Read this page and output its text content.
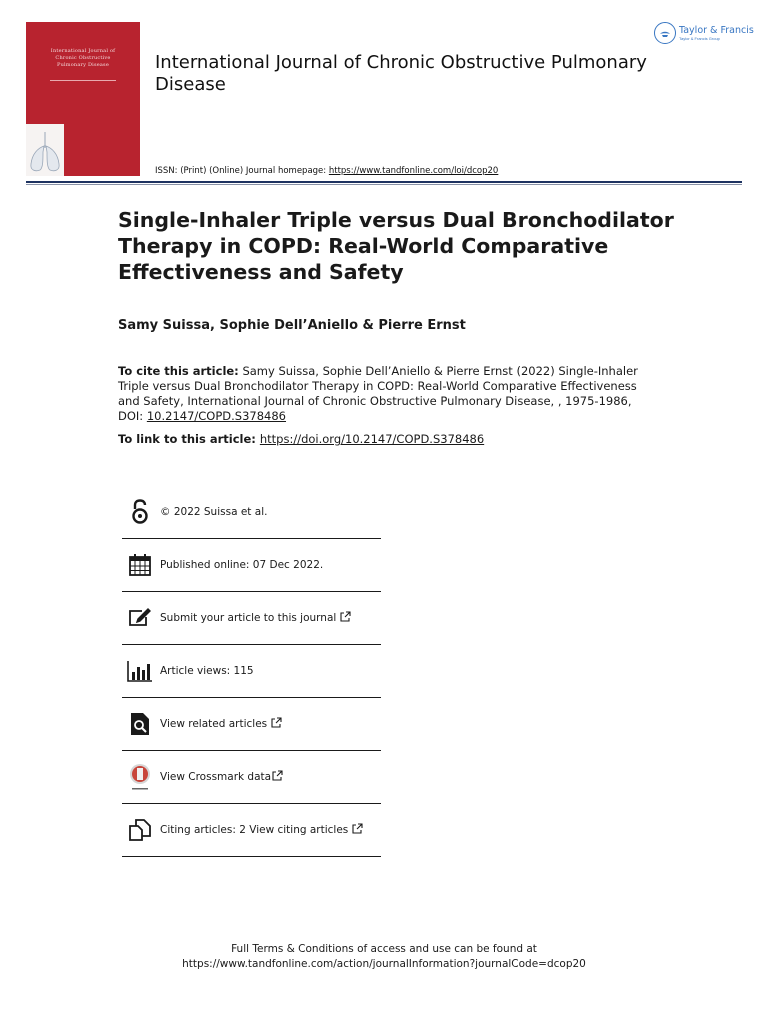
International Journal of
Chronic Obstructive
Pulmonary Disease	International Journal of Chronic Obstructive Pulmonary Disease
ISSN: (Print) (Online) Journal homepage: https://www.tandfonline.com/loi/dcop20
Taylor & Francis
Taylor & Francis Group
Single-Inhaler Triple versus Dual Bronchodilator Therapy in COPD: Real-World Comparative Effectiveness and Safety
Samy Suissa, Sophie Dell’Aniello & Pierre Ernst
To cite this article: Samy Suissa, Sophie Dell’Aniello & Pierre Ernst (2022) Single-Inhaler Triple versus Dual Bronchodilator Therapy in COPD: Real-World Comparative Effectiveness and Safety, International Journal of Chronic Obstructive Pulmonary Disease, , 1975-1986, DOI: 10.2147/COPD.S378486
To link to this article: https://doi.org/10.2147/COPD.S378486
© 2022 Suissa et al.
Published online: 07 Dec 2022.
Submit your article to this journal
Article views: 115
View related articles
View Crossmark data
Citing articles: 2 View citing articles
Full Terms & Conditions of access and use can be found at
https://www.tandfonline.com/action/journalInformation?journalCode=dcop20
